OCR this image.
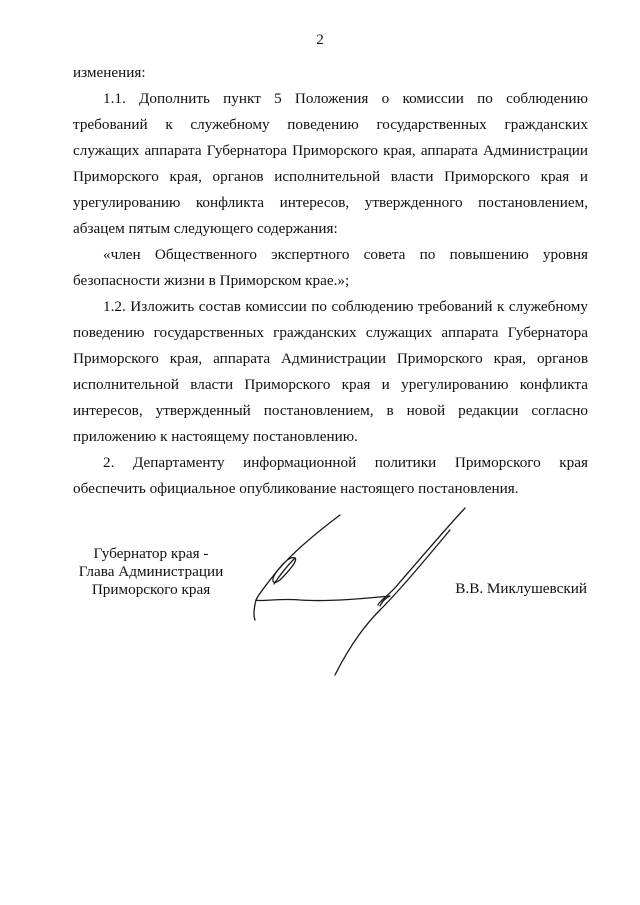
2

изменения:

1.1. Дополнить пункт 5 Положения о комиссии по соблюдению требований к служебному поведению государственных гражданских служащих аппарата Губернатора Приморского края, аппарата Администрации Приморского края, органов исполнительной власти Приморского края и урегулированию конфликта интересов, утвержденного постановлением, абзацем пятым следующего содержания:

«член Общественного экспертного совета по повышению уровня безопасности жизни в Приморском крае.»;

1.2. Изложить состав комиссии по соблюдению требований к служебному поведению государственных гражданских служащих аппарата Губернатора Приморского края, аппарата Администрации Приморского края, органов исполнительной власти Приморского края и урегулированию конфликта интересов, утвержденный постановлением, в новой редакции согласно приложению к настоящему постановлению.

2. Департаменту информационной политики Приморского края обеспечить официальное опубликование настоящего постановления.

Губернатор края -
Глава Администрации
Приморского края	В.В. Миклушевский
